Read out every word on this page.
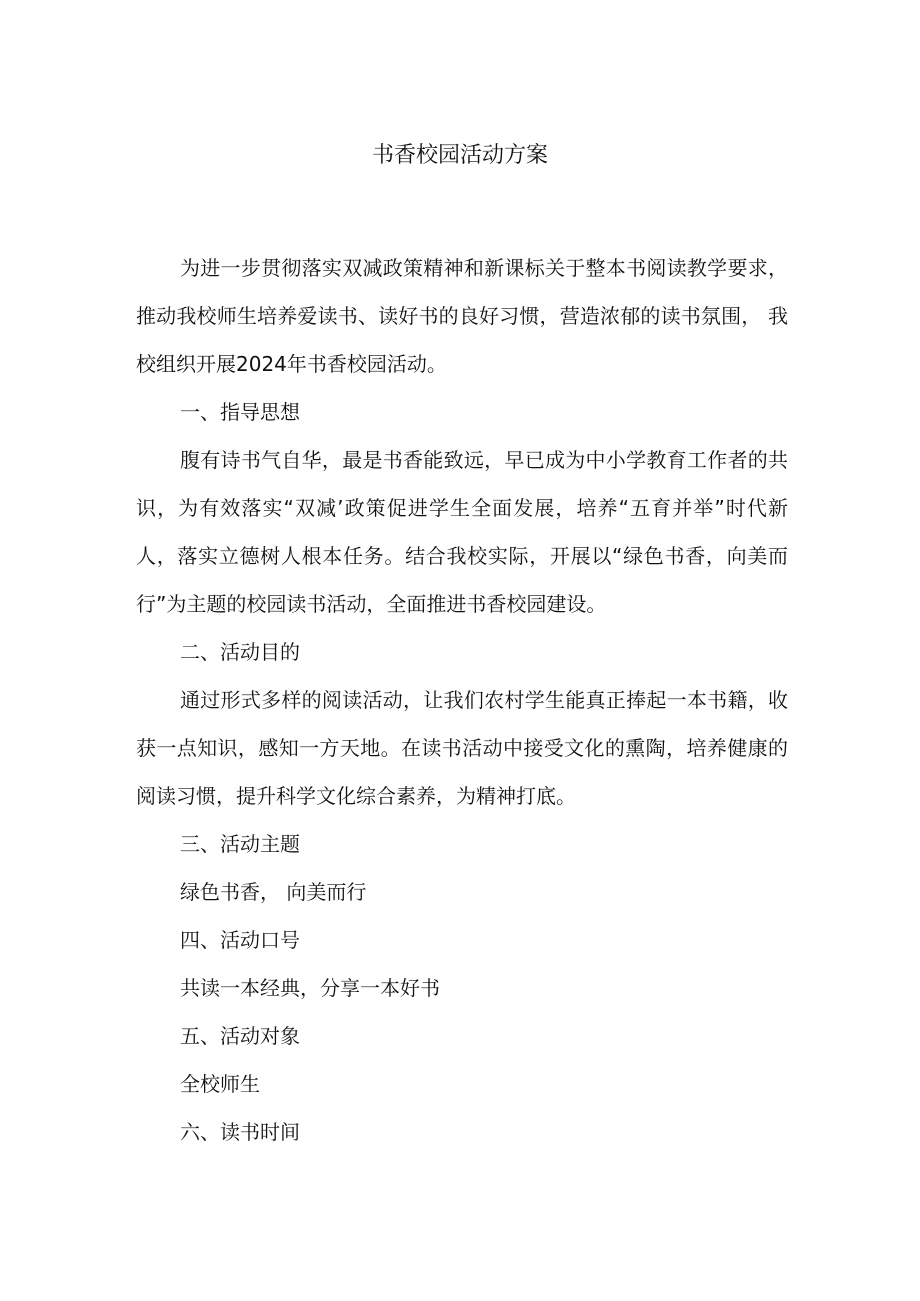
书香校园活动方案

为进一步贯彻落实双减政策精神和新课标关于整本书阅读教学要求，推动我校师生培养爱读书、读好书的良好习惯，营造浓郁的读书氛围， 我校组织开展2024年书香校园活动。

一、指导思想

腹有诗书气自华，最是书香能致远，早已成为中小学教育工作者的共识，为有效落实“双减’政策促进学生全面发展，培养“五育并举”时代新人，落实立德树人根本任务。结合我校实际，开展以“绿色书香，向美而行”为主题的校园读书活动，全面推进书香校园建设。

二、活动目的

通过形式多样的阅读活动，让我们农村学生能真正捧起一本书籍，收获一点知识，感知一方天地。在读书活动中接受文化的熏陶，培养健康的阅读习惯，提升科学文化综合素养，为精神打底。

三、活动主题

绿色书香， 向美而行

四、活动口号

共读一本经典，分享一本好书

五、活动对象

全校师生

六、读书时间
